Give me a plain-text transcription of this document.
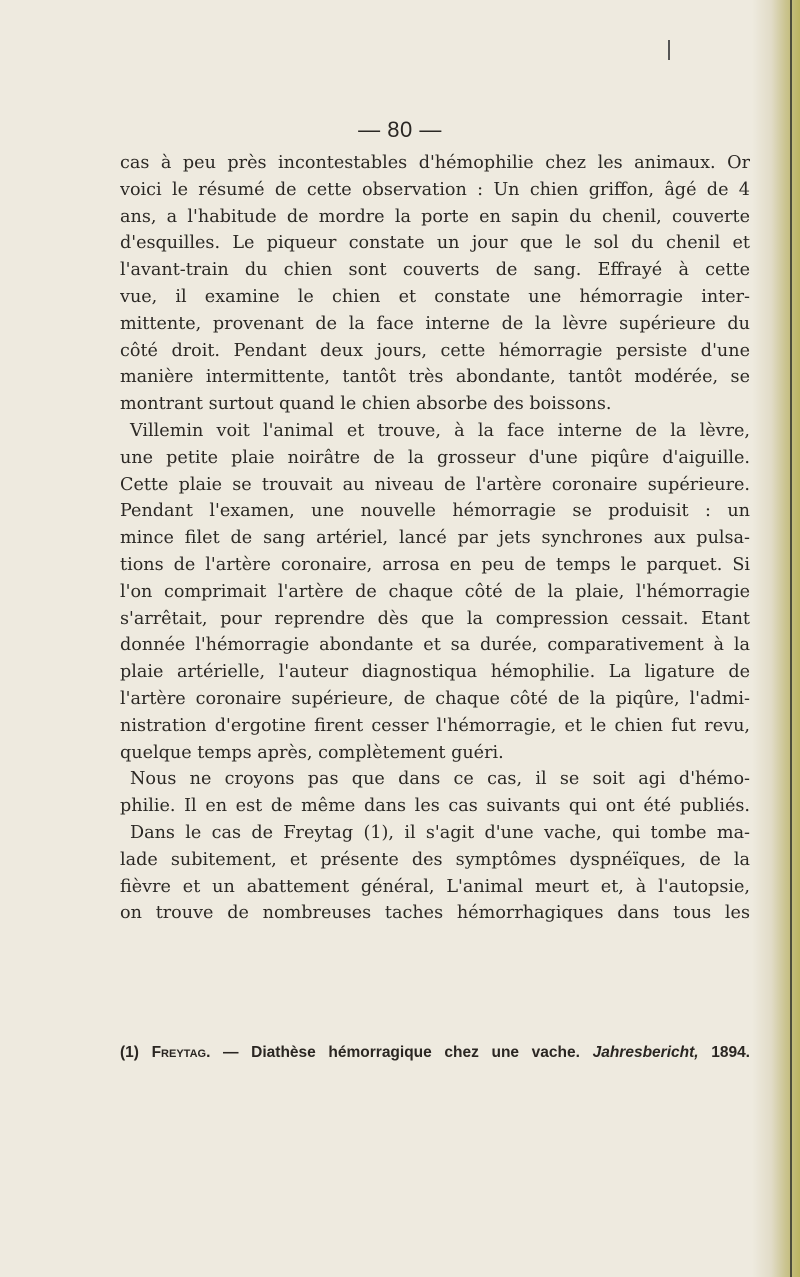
— 80 —
cas à peu près incontestables d'hémophilie chez les animaux. Or
voici le résumé de cette observation : Un chien griffon, âgé de 4
ans, a l'habitude de mordre la porte en sapin du chenil, couverte
d'esquilles. Le piqueur constate un jour que le sol du chenil et
l'avant-train du chien sont couverts de sang. Effrayé à cette
vue, il examine le chien et constate une hémorragie inter-
mittente, provenant de la face interne de la lèvre supérieure du
côté droit. Pendant deux jours, cette hémorragie persiste d'une
manière intermittente, tantôt très abondante, tantôt modérée, se
montrant surtout quand le chien absorbe des boissons.
Villemin voit l'animal et trouve, à la face interne de la lèvre,
une petite plaie noirâtre de la grosseur d'une piqûre d'aiguille.
Cette plaie se trouvait au niveau de l'artère coronaire supérieure.
Pendant l'examen, une nouvelle hémorragie se produisit : un
mince filet de sang artériel, lancé par jets synchrones aux pulsa-
tions de l'artère coronaire, arrosa en peu de temps le parquet. Si
l'on comprimait l'artère de chaque côté de la plaie, l'hémorragie
s'arrêtait, pour reprendre dès que la compression cessait. Etant
donnée l'hémorragie abondante et sa durée, comparativement à la
plaie artérielle, l'auteur diagnostiqua hémophilie. La ligature de
l'artère coronaire supérieure, de chaque côté de la piqûre, l'admi-
nistration d'ergotine firent cesser l'hémorragie, et le chien fut revu,
quelque temps après, complètement guéri.
Nous ne croyons pas que dans ce cas, il se soit agi d'hémo-
philie. Il en est de même dans les cas suivants qui ont été publiés.
Dans le cas de Freytag (1), il s'agit d'une vache, qui tombe ma-
lade subitement, et présente des symptômes dyspnéïques, de la
fièvre et un abattement général, L'animal meurt et, à l'autopsie,
on trouve de nombreuses taches hémorrhagiques dans tous les
(1) Freytag. — Diathèse hémorragique chez une vache. Jahresbericht, 1894.
